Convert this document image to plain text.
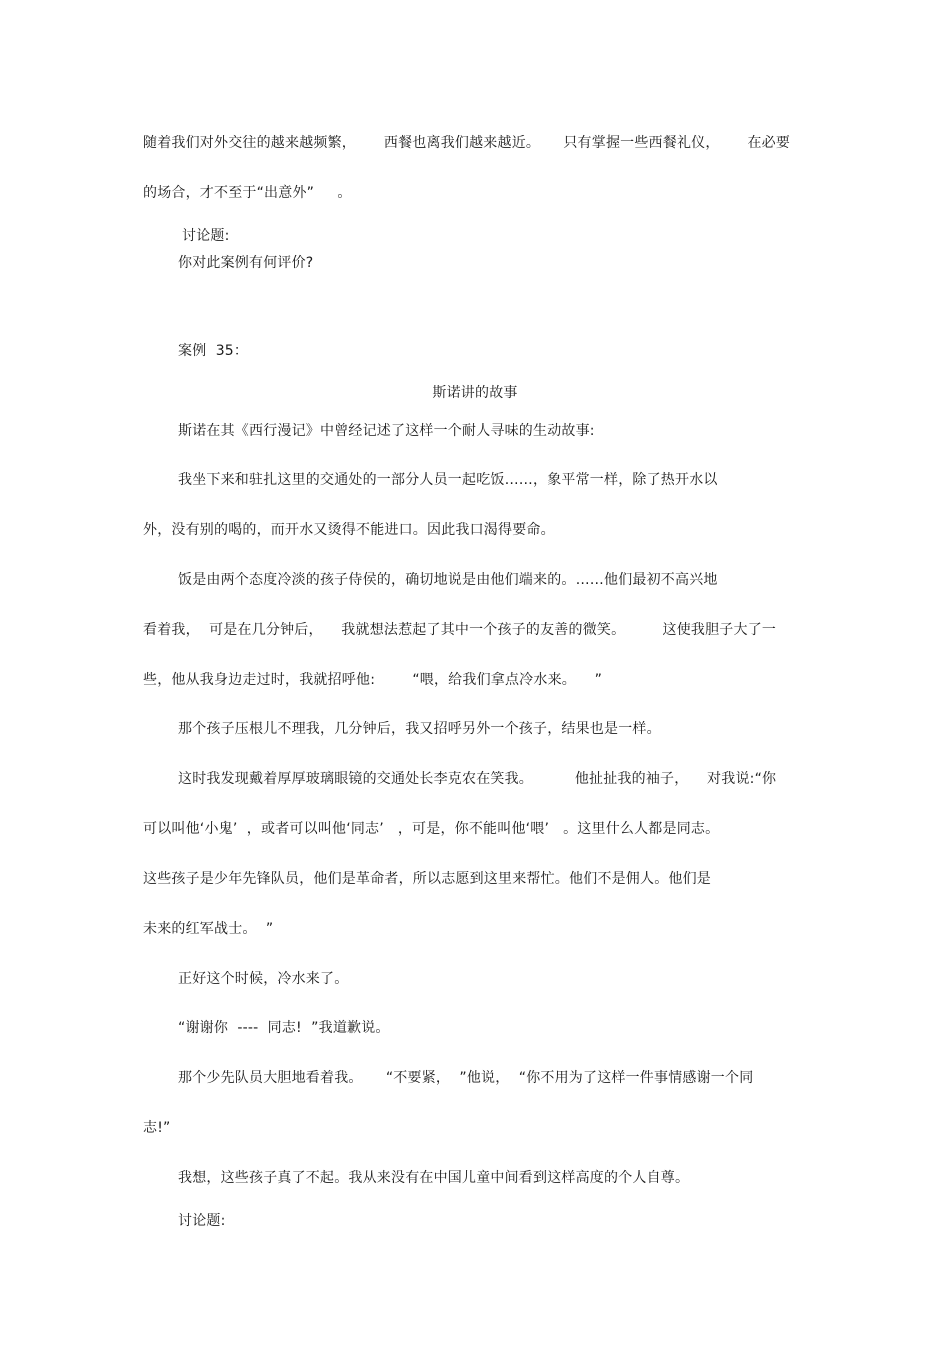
随着我们对外交往的越来越频繁，      西餐也离我们越来越近。     只有掌握一些西餐礼仪，      在必要
的场合，才不至于“出意外”     。
讨论题:
你对此案例有何评价?
案例  35：
斯诺讲的故事
斯诺在其《西行漫记》中曾经记述了这样一个耐人寻味的生动故事:
我坐下来和驻扎这里的交通处的一部分人员一起吃饭……，象平常一样，除了热开水以
外，没有别的喝的，而开水又烫得不能进口。因此我口渴得要命。
饭是由两个态度冷淡的孩子侍侯的，确切地说是由他们端来的。……他们最初不高兴地
看着我，  可是在几分钟后，    我就想法惹起了其中一个孩子的友善的微笑。        这使我胆子大了一
些，他从我身边走过时，我就招呼他:        “喂，给我们拿点冷水来。    ”
那个孩子压根儿不理我，几分钟后，我又招呼另外一个孩子，结果也是一样。
这时我发现戴着厚厚玻璃眼镜的交通处长李克农在笑我。         他扯扯我的袖子，    对我说:“你
可以叫他‘小鬼’  ，或者可以叫他‘同志’   ，可是，你不能叫他‘喂’   。这里什么人都是同志。
这些孩子是少年先锋队员，他们是革命者，所以志愿到这里来帮忙。他们不是佣人。他们是
未来的红军战士。  ”
正好这个时候，冷水来了。
“谢谢你  ----  同志!  ”我道歉说。
那个少先队员大胆地看着我。     “不要紧，  ”他说，  “你不用为了这样一件事情感谢一个同
志!”
我想，这些孩子真了不起。我从来没有在中国儿童中间看到这样高度的个人自尊。
讨论题:
